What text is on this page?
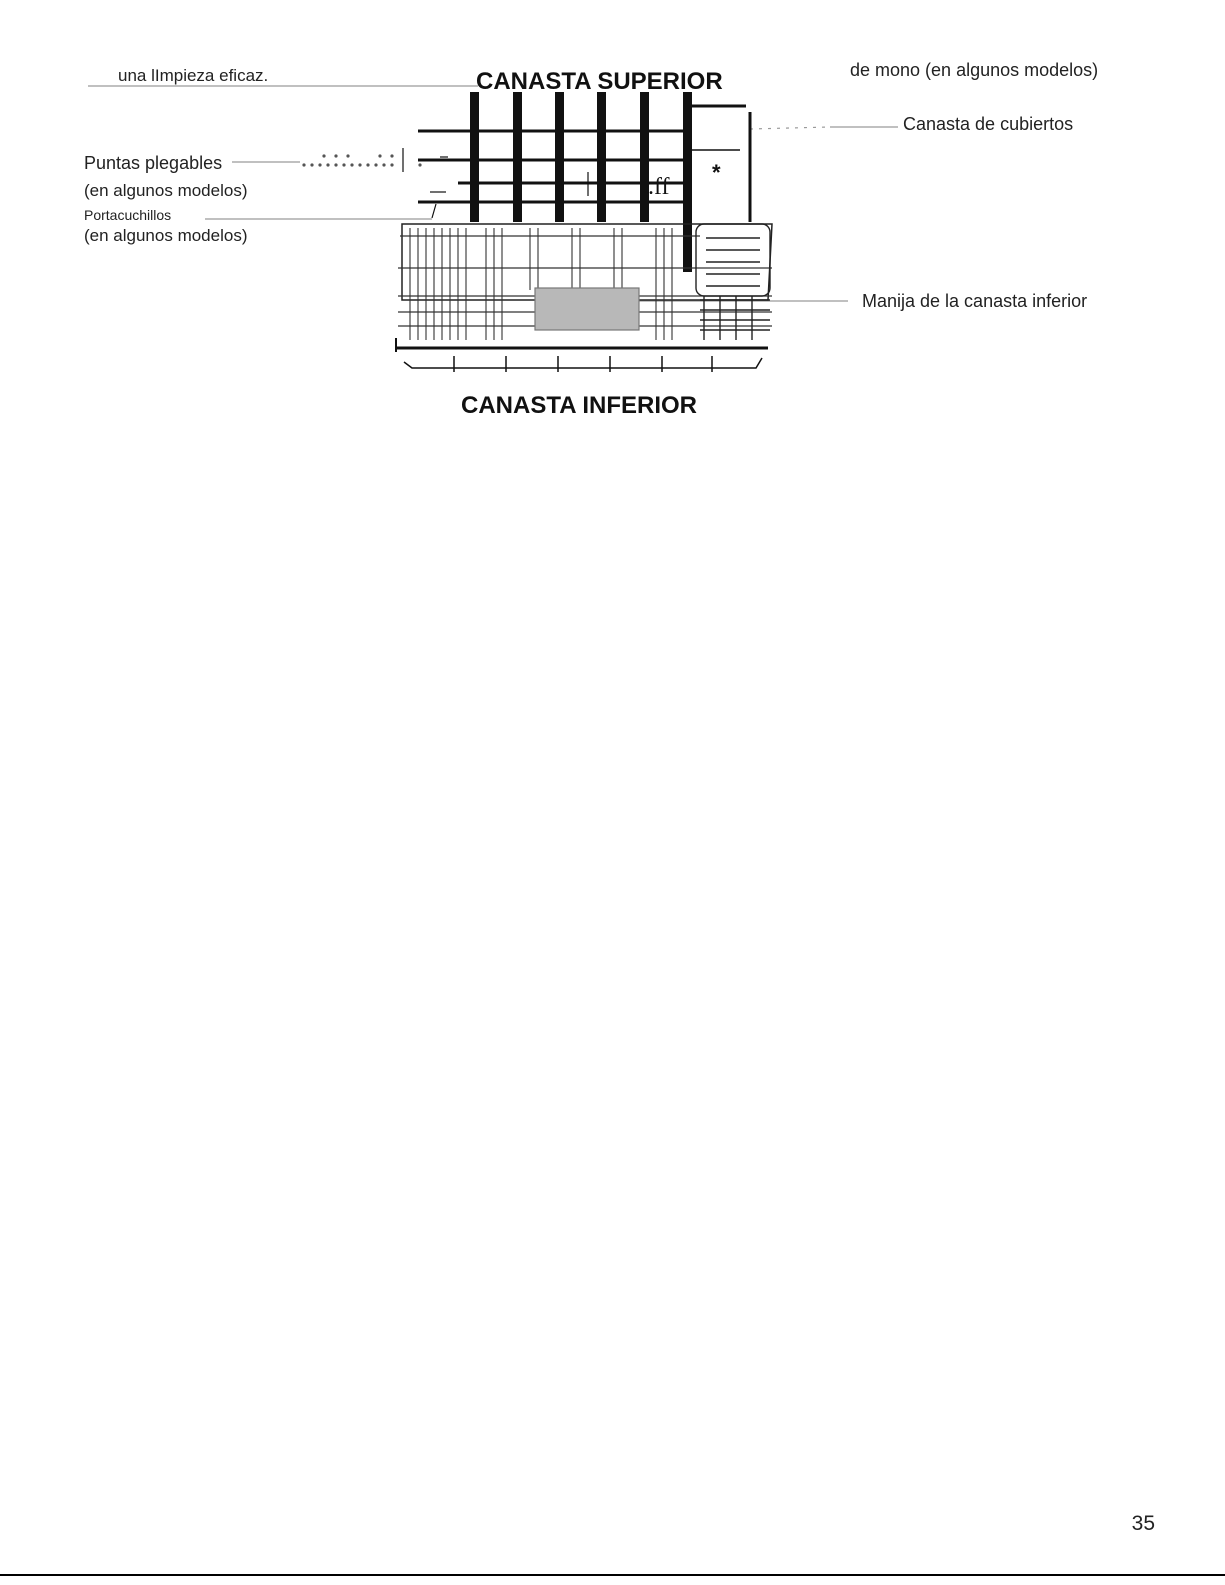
.ff
*
una lImpieza eficaz.	CANASTA SUPERIOR	de mono (en algunos modelos)
Canasta de cubiertos
Puntas plegables
(en algunos modelos)
Portacuchillos
(en algunos modelos)
Manija de la canasta inferior
CANASTA INFERIOR
35
